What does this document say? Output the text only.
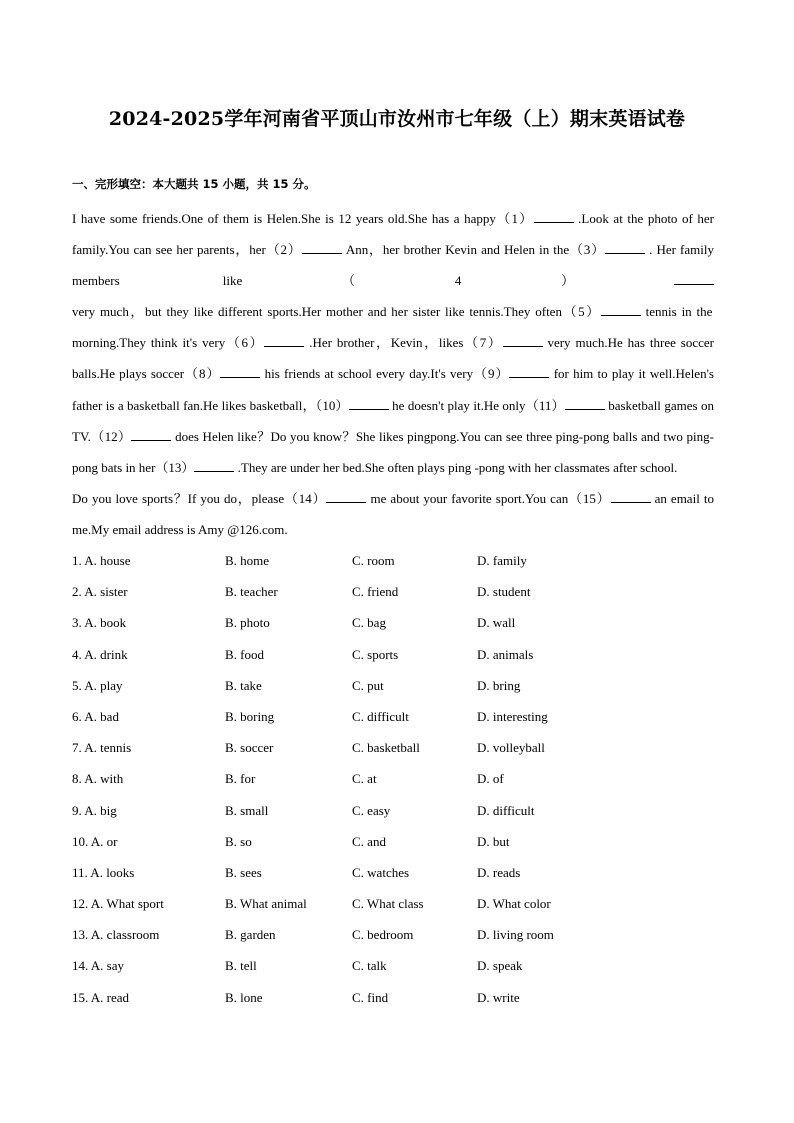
2024-2025学年河南省平顶山市汝州市七年级（上）期末英语试卷
一、完形填空：本大题共 15 小题，共 15 分。
I have some friends.One of them is Helen.She is 12 years old.She has a happy（1）	.Look at the photo of her family.You can see her parents，her（2）	Ann，her brother Kevin and Helen in the（3）	. Her family members like（4） very much，but they like different sports.Her mother and her sister like tennis.They often（5）	tennis in the morning.They think it's very（6）	.Her brother，Kevin，likes（7）	very much.He has three soccer balls.He plays soccer（8）	his friends at school every day.It's very（9）	for him to play it well.Helen's father is a basketball fan.He likes basketball，（10）	he doesn't play it.He only（11）	basketball games on TV.（12）	does Helen like？Do you know？She likes pingpong.You can see three ping-pong balls and two ping-pong bats in her（13）	.They are under her bed.She often plays ping -pong with her classmates after school.
Do you love sports？If you do，please（14）	me about your favorite sport.You can（15）	an email to me.My email address is Amy @126.com.
1. A. house	B. home	C. room	D. family
2. A. sister	B. teacher	C. friend	D. student
3. A. book	B. photo	C. bag	D. wall
4. A. drink	B. food	C. sports	D. animals
5. A. play	B. take	C. put	D. bring
6. A. bad	B. boring	C. difficult	D. interesting
7. A. tennis	B. soccer	C. basketball	D. volleyball
8. A. with	B. for	C. at	D. of
9. A. big	B. small	C. easy	D. difficult
10. A. or	B. so	C. and	D. but
11. A. looks	B. sees	C. watches	D. reads
12. A. What sport	B. What animal	C. What class	D. What color
13. A. classroom	B. garden	C. bedroom	D. living room
14. A. say	B. tell	C. talk	D. speak
15. A. read	B. lone	C. find	D. write
